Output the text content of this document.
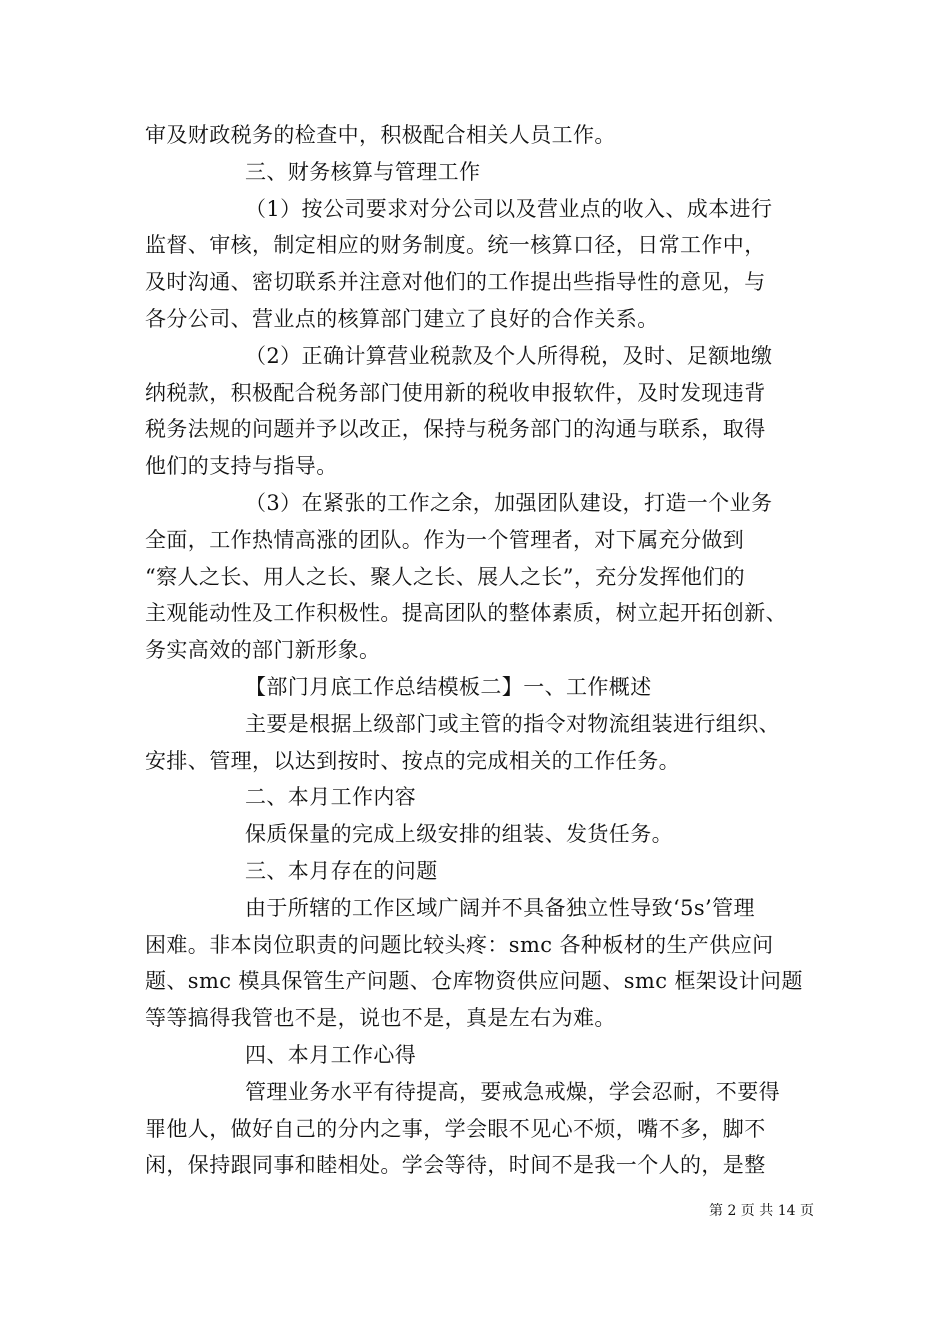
审及财政税务的检查中，积极配合相关人员工作。
三、财务核算与管理工作
（1）按公司要求对分公司以及营业点的收入、成本进行
监督、审核，制定相应的财务制度。统一核算口径，日常工作中，
及时沟通、密切联系并注意对他们的工作提出些指导性的意见，与
各分公司、营业点的核算部门建立了良好的合作关系。
（2）正确计算营业税款及个人所得税，及时、足额地缴
纳税款，积极配合税务部门使用新的税收申报软件，及时发现违背
税务法规的问题并予以改正，保持与税务部门的沟通与联系，取得
他们的支持与指导。
（3）在紧张的工作之余，加强团队建设，打造一个业务
全面，工作热情高涨的团队。作为一个管理者，对下属充分做到
“察人之长、用人之长、聚人之长、展人之长”，充分发挥他们的
主观能动性及工作积极性。提高团队的整体素质，树立起开拓创新、
务实高效的部门新形象。
【部门月底工作总结模板二】一、工作概述
主要是根据上级部门或主管的指令对物流组装进行组织、
安排、管理，以达到按时、按点的完成相关的工作任务。
二、本月工作内容
保质保量的完成上级安排的组装、发货任务。
三、本月存在的问题
由于所辖的工作区域广阔并不具备独立性导致‘5s’管理
困难。非本岗位职责的问题比较头疼：smc 各种板材的生产供应问
题、smc 模具保管生产问题、仓库物资供应问题、smc 框架设计问题
等等搞得我管也不是，说也不是，真是左右为难。
四、本月工作心得
管理业务水平有待提高，要戒急戒燥，学会忍耐，不要得
罪他人，做好自己的分内之事，学会眼不见心不烦，嘴不多，脚不
闲，保持跟同事和睦相处。学会等待，时间不是我一个人的，是整
第 2 页 共 14 页
